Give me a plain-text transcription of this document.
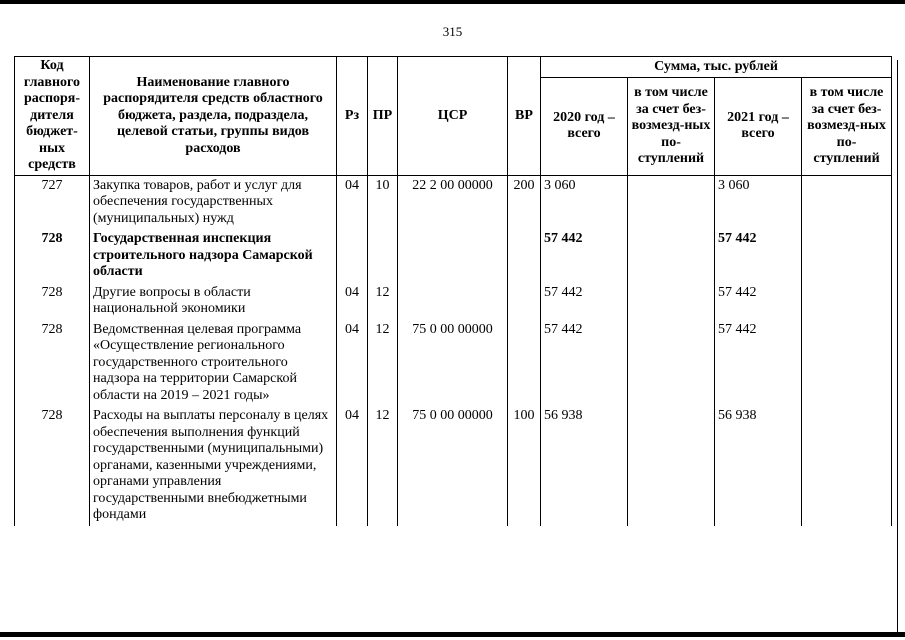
315
Код главного распоря-дителя бюджет-ных средств	Наименование главного распорядителя средств областного бюджета, раздела, подраздела, целевой статьи, группы видов расходов	Рз	ПР	ЦСР	ВР	Сумма, тыс. рублей			
						2020 год – всего	в том числе за счет без-возмезд-ных по-ступлений	2021 год – всего	в том числе за счет без-возмезд-ных по-ступлений
727	Закупка товаров, работ и услуг для обеспечения государственных (муниципальных) нужд	04	10	22 2 00 00000	200	3 060		3 060	
728	Государственная инспекция строительного надзора Самарской области					57 442		57 442	
728	Другие вопросы в области национальной экономики	04	12			57 442		57 442	
728	Ведомственная целевая программа «Осуществление регионального государственного строительного надзора на территории Самарской области на 2019 – 2021 годы»	04	12	75 0 00 00000		57 442		57 442	
728	Расходы на выплаты персоналу в целях обеспечения выполнения функций государственными (муниципальными) органами, казенными учреждениями, органами управления государственными внебюджетными фондами	04	12	75 0 00 00000	100	56 938		56 938	
